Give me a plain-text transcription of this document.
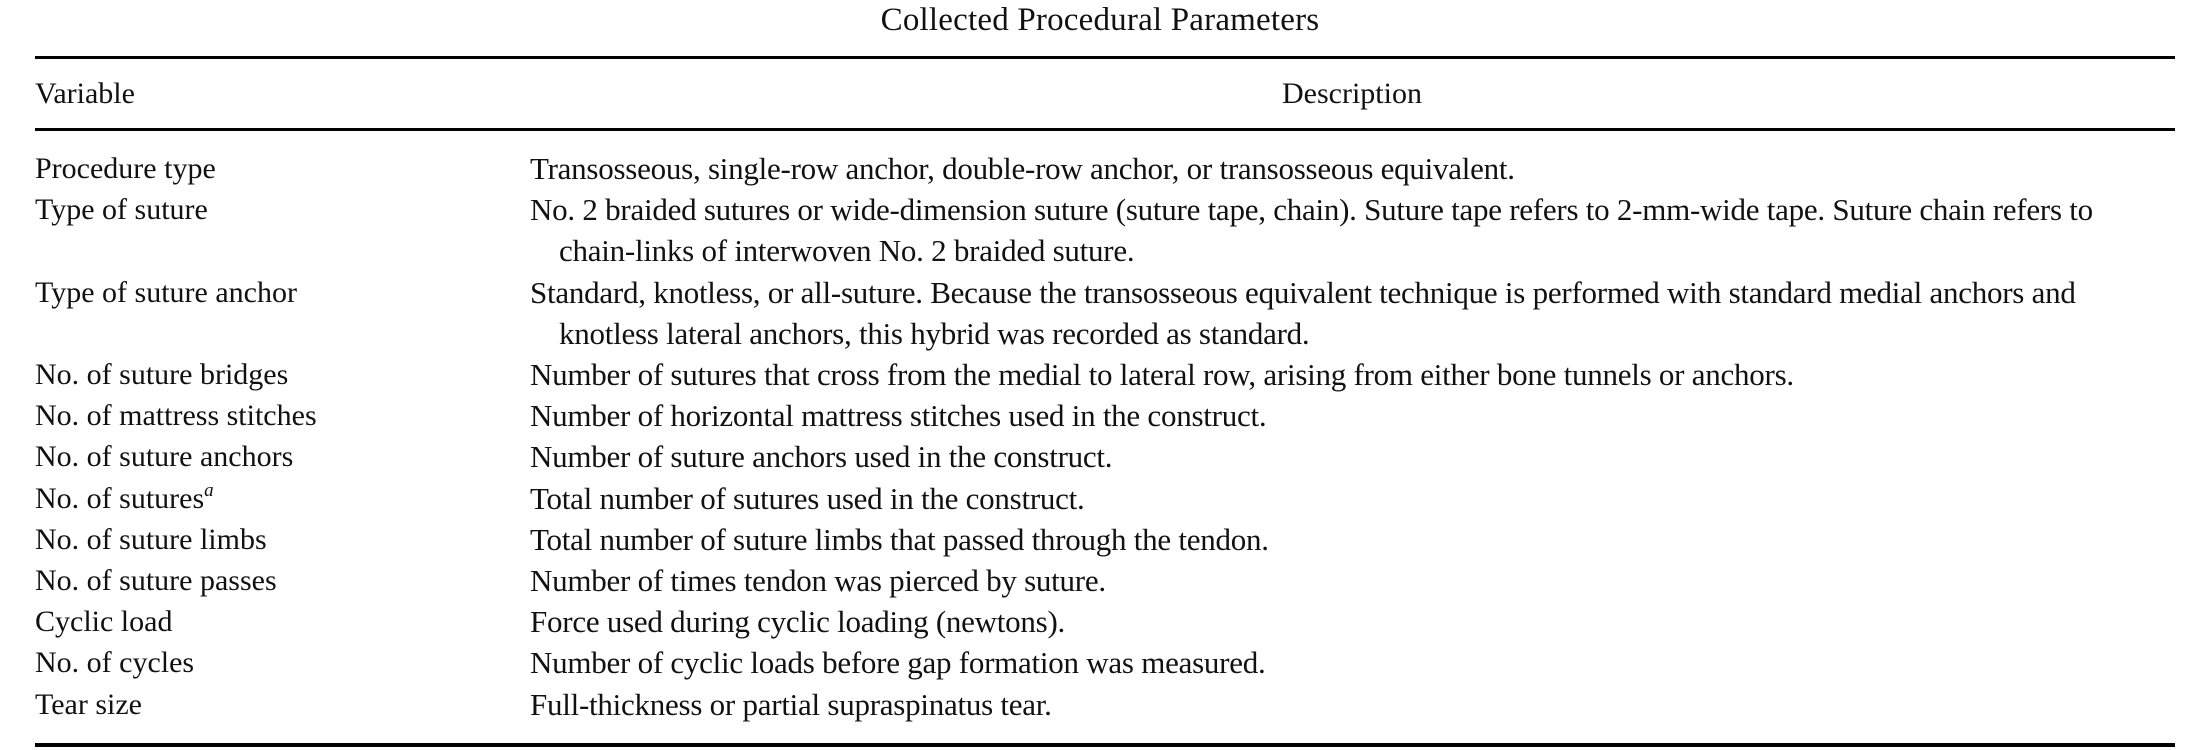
Collected Procedural Parameters
Variable	Description
Procedure type	Transosseous, single-row anchor, double-row anchor, or transosseous equivalent.
Type of suture	No. 2 braided sutures or wide-dimension suture (suture tape, chain). Suture tape refers to 2-mm-wide tape. Suture chain refers to chain-links of interwoven No. 2 braided suture.
Type of suture anchor	Standard, knotless, or all-suture. Because the transosseous equivalent technique is performed with standard medial anchors and knotless lateral anchors, this hybrid was recorded as standard.
No. of suture bridges	Number of sutures that cross from the medial to lateral row, arising from either bone tunnels or anchors.
No. of mattress stitches	Number of horizontal mattress stitches used in the construct.
No. of suture anchors	Number of suture anchors used in the construct.
No. of sutures$^a$	Total number of sutures used in the construct.
No. of suture limbs	Total number of suture limbs that passed through the tendon.
No. of suture passes	Number of times tendon was pierced by suture.
Cyclic load	Force used during cyclic loading (newtons).
No. of cycles	Number of cyclic loads before gap formation was measured.
Tear size	Full-thickness or partial supraspinatus tear.
